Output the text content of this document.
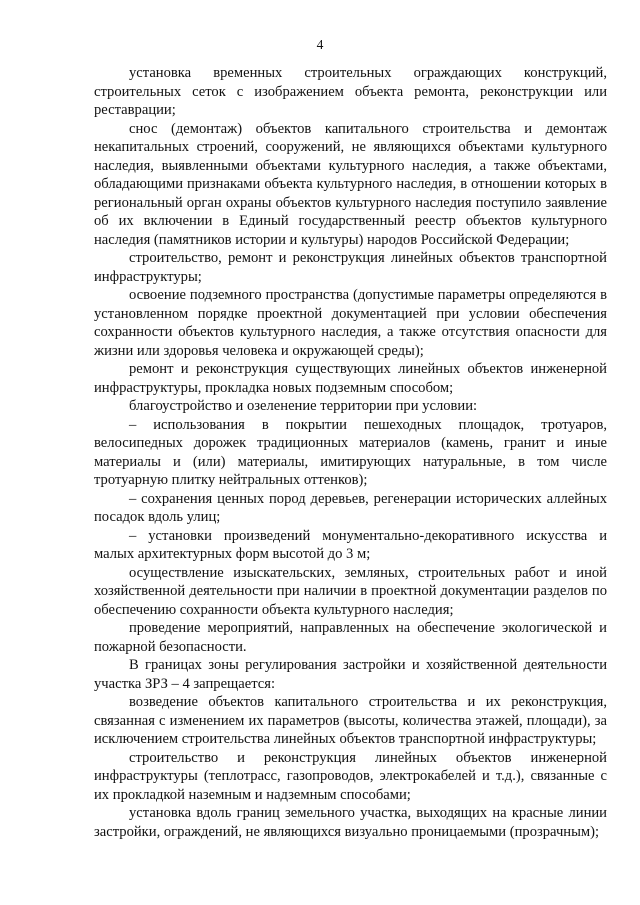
4

установка временных строительных ограждающих конструкций, строительных сеток с изображением объекта ремонта, реконструкции или реставрации;

снос (демонтаж) объектов капитального строительства и демонтаж некапитальных строений, сооружений, не являющихся объектами культурного наследия, выявленными объектами культурного наследия, а также объектами, обладающими признаками объекта культурного наследия, в отношении которых в региональный орган охраны объектов культурного наследия поступило заявление об их включении в Единый государственный реестр объектов культурного наследия (памятников истории и культуры) народов Российской Федерации;

строительство, ремонт и реконструкция линейных объектов транспортной инфраструктуры;

освоение подземного пространства (допустимые параметры определяются в установленном порядке проектной документацией при условии обеспечения сохранности объектов культурного наследия, а также отсутствия опасности для жизни или здоровья человека и окружающей среды);

ремонт и реконструкция существующих линейных объектов инженерной инфраструктуры, прокладка новых подземным способом;

благоустройство и озеленение территории при условии:

– использования в покрытии пешеходных площадок, тротуаров, велосипедных дорожек традиционных материалов (камень, гранит и иные материалы и (или) материалы, имитирующих натуральные, в том числе тротуарную плитку нейтральных оттенков);

– сохранения ценных пород деревьев, регенерации исторических аллейных посадок вдоль улиц;

– установки произведений монументально-декоративного искусства и малых архитектурных форм высотой до 3 м;

осуществление изыскательских, земляных, строительных работ и иной хозяйственной деятельности при наличии в проектной документации разделов по обеспечению сохранности объекта культурного наследия;

проведение мероприятий, направленных на обеспечение экологической и пожарной безопасности.

В границах зоны регулирования застройки и хозяйственной деятельности участка ЗРЗ – 4 запрещается:

возведение объектов капитального строительства и их реконструкция, связанная с изменением их параметров (высоты, количества этажей, площади), за исключением строительства линейных объектов транспортной инфраструктуры;

строительство и реконструкция линейных объектов инженерной инфраструктуры (теплотрасс, газопроводов, электрокабелей и т.д.), связанные с их прокладкой наземным и надземным способами;

установка вдоль границ земельного участка, выходящих на красные линии застройки, ограждений, не являющихся визуально проницаемыми (прозрачным);
